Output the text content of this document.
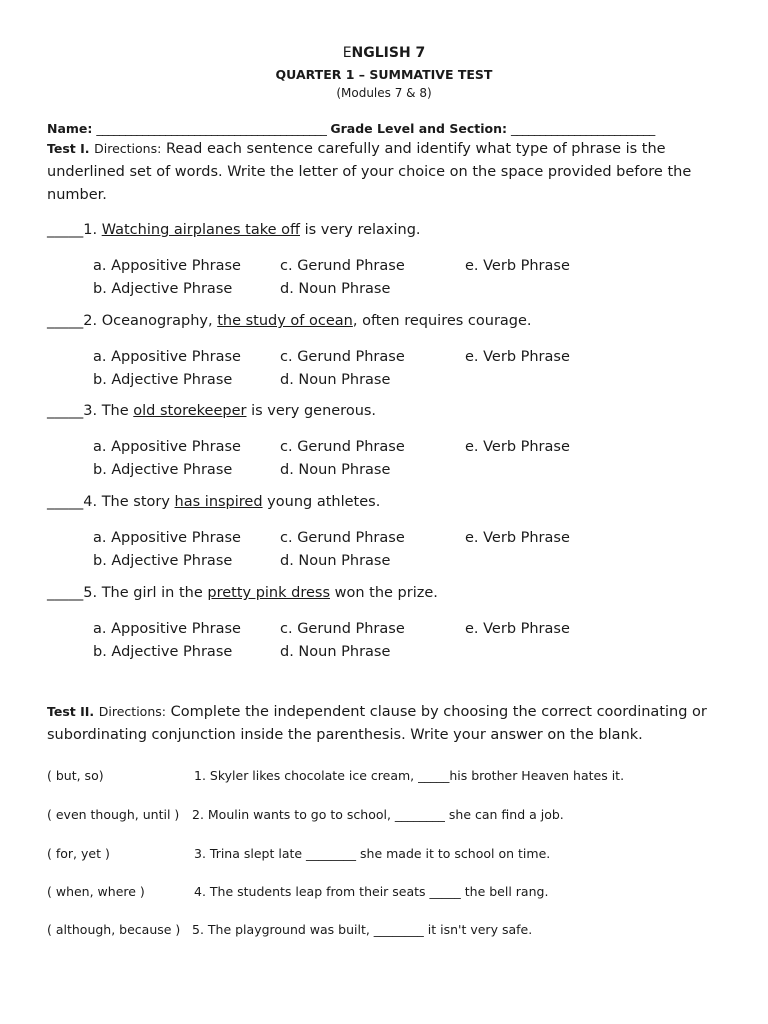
ENGLISH 7
QUARTER 1 – SUMMATIVE TEST
(Modules 7 & 8)
Name: ________________________________________ Grade Level and Section: _________________________
Test I. Directions: Read each sentence carefully and identify what type of phrase is the underlined set of words. Write the letter of your choice on the space provided before the number.
_____1. Watching airplanes take off is very relaxing.
a. Appositive Phrase	c. Gerund Phrase	e. Verb Phrase
b. Adjective Phrase	d. Noun Phrase
_____2. Oceanography, the study of ocean, often requires courage.
a. Appositive Phrase	c. Gerund Phrase	e. Verb Phrase
b. Adjective Phrase	d. Noun Phrase
_____3. The old storekeeper is very generous.
a. Appositive Phrase	c. Gerund Phrase	e. Verb Phrase
b. Adjective Phrase	d. Noun Phrase
_____4. The story has inspired young athletes.
a. Appositive Phrase	c. Gerund Phrase	e. Verb Phrase
b. Adjective Phrase	d. Noun Phrase
_____5. The girl in the pretty pink dress won the prize.
a. Appositive Phrase	c. Gerund Phrase	e. Verb Phrase
b. Adjective Phrase	d. Noun Phrase
Test II. Directions: Complete the independent clause by choosing the correct coordinating or subordinating conjunction inside the parenthesis. Write your answer on the blank.
( but, so)	1. Skyler likes chocolate ice cream, _____his brother Heaven hates it.
( even though, until ) 2. Moulin wants to go to school, ________ she can find a job.
( for, yet )	3. Trina slept late ________ she made it to school on time.
( when, where )	4. The students leap from their seats _____ the bell rang.
( although, because ) 5. The playground was built, ________ it isn't very safe.
